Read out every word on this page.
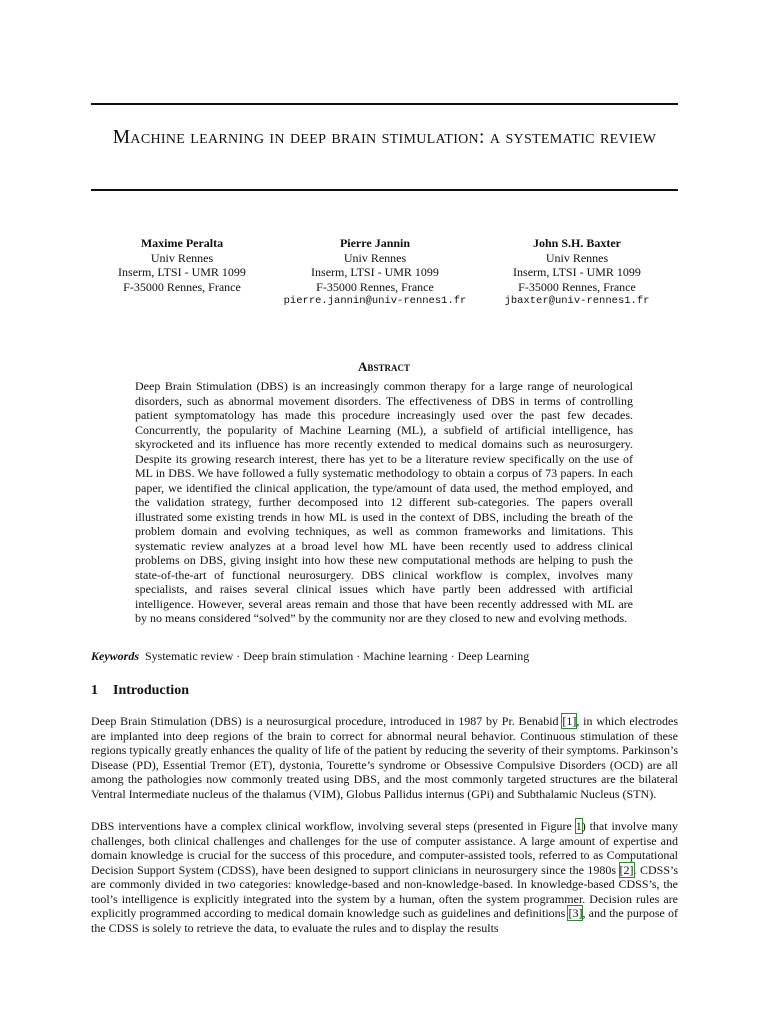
Machine learning in deep brain stimulation: a systematic review
Maxime Peralta
Univ Rennes
Inserm, LTSI - UMR 1099
F-35000 Rennes, France
Pierre Jannin
Univ Rennes
Inserm, LTSI - UMR 1099
F-35000 Rennes, France
pierre.jannin@univ-rennes1.fr
John S.H. Baxter
Univ Rennes
Inserm, LTSI - UMR 1099
F-35000 Rennes, France
jbaxter@univ-rennes1.fr
Abstract

Deep Brain Stimulation (DBS) is an increasingly common therapy for a large range of neurological disorders, such as abnormal movement disorders. The effectiveness of DBS in terms of controlling patient symptomatology has made this procedure increasingly used over the past few decades. Concurrently, the popularity of Machine Learning (ML), a subfield of artificial intelligence, has skyrocketed and its influence has more recently extended to medical domains such as neurosurgery. Despite its growing research interest, there has yet to be a literature review specifically on the use of ML in DBS. We have followed a fully systematic methodology to obtain a corpus of 73 papers. In each paper, we identified the clinical application, the type/amount of data used, the method employed, and the validation strategy, further decomposed into 12 different sub-categories. The papers overall illustrated some existing trends in how ML is used in the context of DBS, including the breath of the problem domain and evolving techniques, as well as common frameworks and limitations. This systematic review analyzes at a broad level how ML have been recently used to address clinical problems on DBS, giving insight into how these new computational methods are helping to push the state-of-the-art of functional neurosurgery. DBS clinical workflow is complex, involves many specialists, and raises several clinical issues which have partly been addressed with artificial intelligence. However, several areas remain and those that have been recently addressed with ML are by no means considered “solved” by the community nor are they closed to new and evolving methods.

Keywords Systematic review · Deep brain stimulation · Machine learning · Deep Learning

1 Introduction

Deep Brain Stimulation (DBS) is a neurosurgical procedure, introduced in 1987 by Pr. Benabid [1], in which electrodes are implanted into deep regions of the brain to correct for abnormal neural behavior. Continuous stimulation of these regions typically greatly enhances the quality of life of the patient by reducing the severity of their symptoms. Parkinson’s Disease (PD), Essential Tremor (ET), dystonia, Tourette’s syndrome or Obsessive Compulsive Disorders (OCD) are all among the pathologies now commonly treated using DBS, and the most commonly targeted structures are the bilateral Ventral Intermediate nucleus of the thalamus (VIM), Globus Pallidus internus (GPi) and Subthalamic Nucleus (STN).

DBS interventions have a complex clinical workflow, involving several steps (presented in Figure 1) that involve many challenges, both clinical challenges and challenges for the use of computer assistance. A large amount of expertise and domain knowledge is crucial for the success of this procedure, and computer-assisted tools, referred to as Computational Decision Support System (CDSS), have been designed to support clinicians in neurosurgery since the 1980s [2]. CDSS’s are commonly divided in two categories: knowledge-based and non-knowledge-based. In knowledge-based CDSS’s, the tool’s intelligence is explicitly integrated into the system by a human, often the system programmer. Decision rules are explicitly programmed according to medical domain knowledge such as guidelines and definitions [3], and the purpose of the CDSS is solely to retrieve the data, to evaluate the rules and to display the results
